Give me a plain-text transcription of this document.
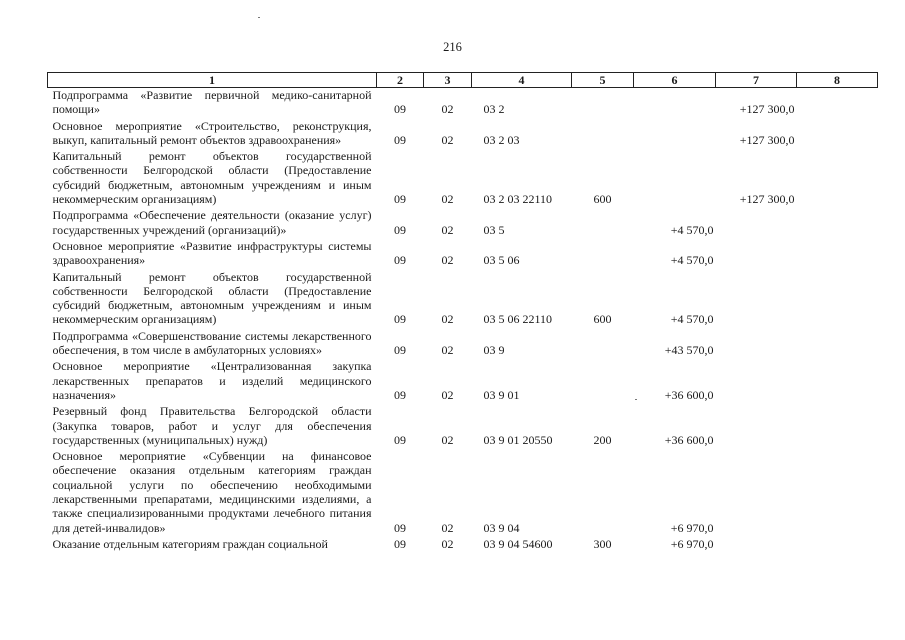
216
1	2	3	4	5	6	7	8
Подпрограмма «Развитие первичной медико-санитарной помощи»	09	02	03 2			+127 300,0	
Основное мероприятие «Строительство, реконструкция, выкуп, капитальный ремонт объектов здравоохранения»	09	02	03 2 03			+127 300,0	
Капитальный ремонт объектов государственной собственности Белгородской области (Предоставление субсидий бюджетным, автономным учреждениям и иным некоммерческим организациям)	09	02	03 2 03 22110	600		+127 300,0	
Подпрограмма «Обеспечение деятельности (оказание услуг) государственных учреждений (организаций)»	09	02	03 5		+4 570,0		
Основное мероприятие «Развитие инфраструктуры системы здравоохранения»	09	02	03 5 06		+4 570,0		
Капитальный ремонт объектов государственной собственности Белгородской области (Предоставление субсидий бюджетным, автономным учреждениям и иным некоммерческим организациям)	09	02	03 5 06 22110	600	+4 570,0		
Подпрограмма «Совершенствование системы лекарственного обеспечения, в том числе в амбулаторных условиях»	09	02	03 9		+43 570,0		
Основное мероприятие «Централизованная закупка лекарственных препаратов и изделий медицинского назначения»	09	02	03 9 01		+36 600,0		
Резервный фонд Правительства Белгородской области (Закупка товаров, работ и услуг для обеспечения государственных (муниципальных) нужд)	09	02	03 9 01 20550	200	+36 600,0		
Основное мероприятие «Субвенции на финансовое обеспечение оказания отдельным категориям граждан социальной услуги по обеспечению необходимыми лекарственными препаратами, медицинскими изделиями, а также специализированными продуктами лечебного питания для детей-инвалидов»	09	02	03 9 04		+6 970,0		
Оказание отдельным категориям граждан социальной	09	02	03 9 04 54600	300	+6 970,0		
